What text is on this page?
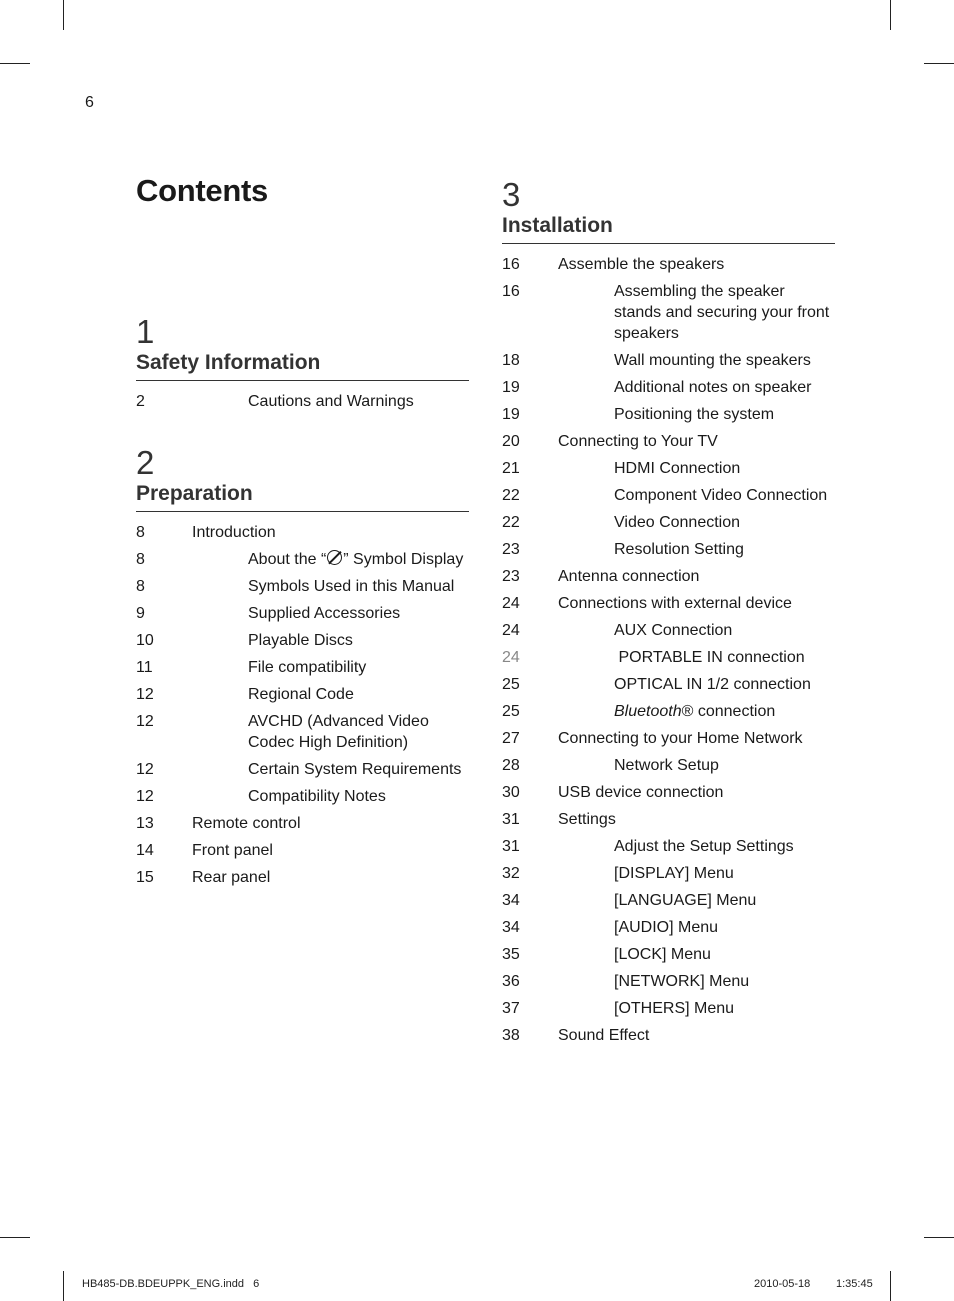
6
Contents
1
Safety Information
2	Cautions and Warnings
2
Preparation
8	Introduction
8	About the “ ” Symbol Display
8	Symbols Used in this Manual
9	Supplied Accessories
10	Playable Discs
11	File compatibility
12	Regional Code
12	AVCHD (Advanced Video Codec High Definition)
12	Certain System Requirements
12	Compatibility Notes
13	Remote control
14	Front panel
15	Rear panel
3
Installation
16	Assemble the speakers
16	Assembling the speaker stands and securing your front speakers
18	Wall mounting the speakers
19	Additional notes on speaker
19	Positioning the system
20	Connecting to Your TV
21	HDMI Connection
22	Component Video Connection
22	Video Connection
23	Resolution Setting
23	Antenna connection
24	Connections with external device
24	AUX Connection
24	PORTABLE IN connection
25	OPTICAL IN 1/2 connection
25	Bluetooth® connection
27	Connecting to your Home Network
28	Network Setup
30	USB device connection
31	Settings
31	Adjust the Setup Settings
32	[DISPLAY] Menu
34	[LANGUAGE] Menu
34	[AUDIO] Menu
35	[LOCK] Menu
36	[NETWORK] Menu
37	[OTHERS] Menu
38	Sound Effect
HB485-DB.BDEUPPK_ENG.indd   6	2010-05-18 1:35:45
